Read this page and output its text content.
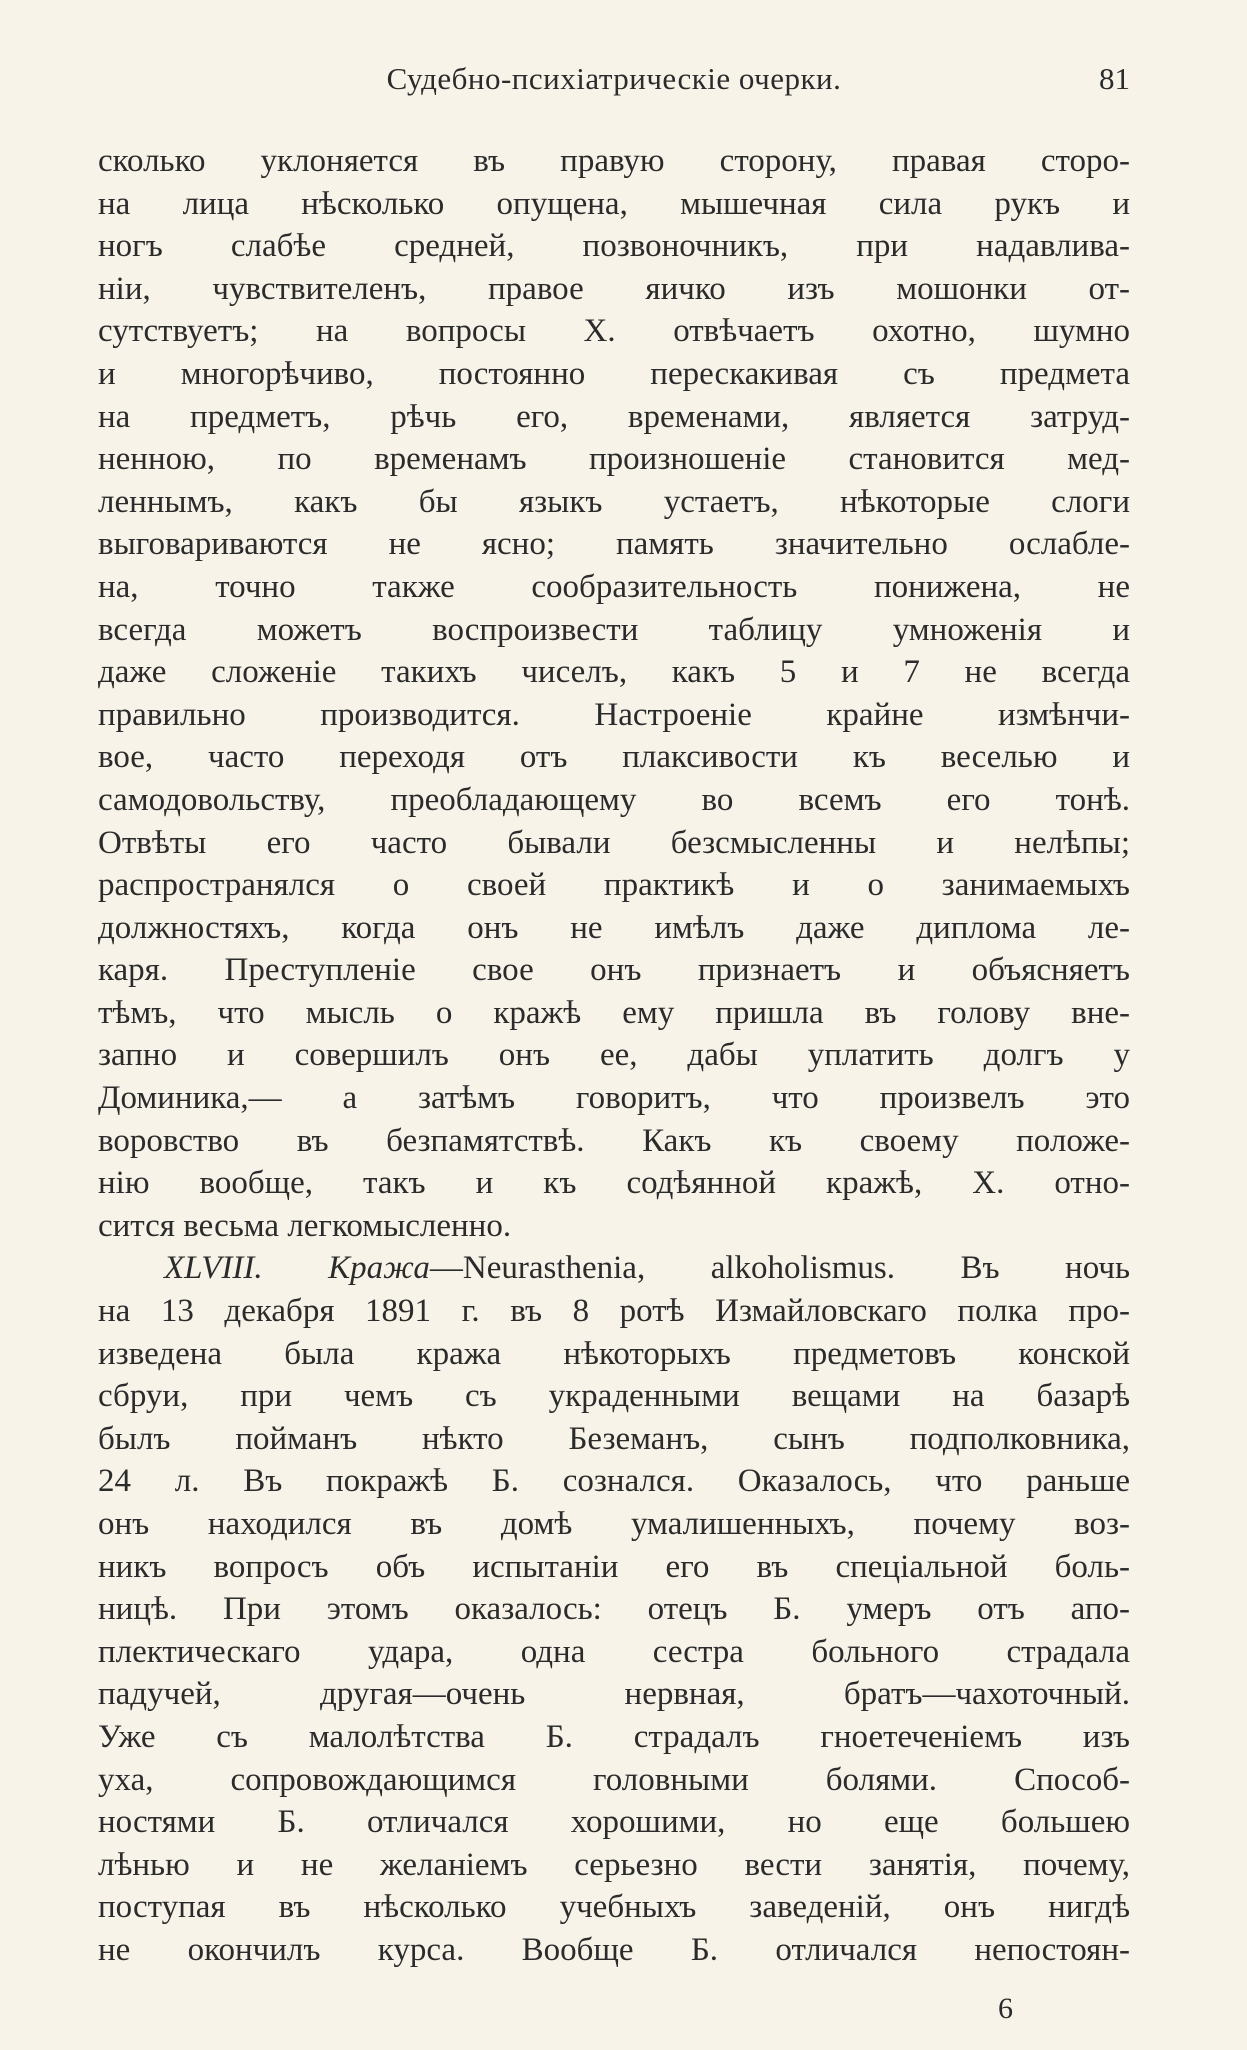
Судебно-психiатрическiе очерки.	81
сколько уклоняется въ правую сторону, правая сторо-
на лица нѣсколько опущена, мышечная сила рукъ и
ногъ слабѣе средней, позвоночникъ, при надавлива-
нiи, чувствителенъ, правое яичко изъ мошонки от-
сутствуетъ; на вопросы X. отвѣчаетъ охотно, шумно
и многорѣчиво, постоянно перескакивая съ предмета
на предметъ, рѣчь его, временами, является затруд-
ненною, по временамъ произношенiе становится мед-
леннымъ, какъ бы языкъ устаетъ, нѣкоторые слоги
выговариваются не ясно; память значительно ослабле-
на, точно также сообразительность понижена, не
всегда можетъ воспроизвести таблицу умноженiя и
даже сложенiе такихъ чиселъ, какъ 5 и 7 не всегда
правильно производится. Настроенiе крайне измѣнчи-
вое, часто переходя отъ плаксивости къ веселью и
самодовольству, преобладающему во всемъ его тонѣ.
Отвѣты его часто бывали безсмысленны и нелѣпы;
распространялся о своей практикѣ и о занимаемыхъ
должностяхъ, когда онъ не имѣлъ даже диплома ле-
каря. Преступленiе свое онъ признаетъ и объясняетъ
тѣмъ, что мысль о кражѣ ему пришла въ голову вне-
запно и совершилъ онъ ее, дабы уплатить долгъ у
Доминика,— а затѣмъ говоритъ, что произвелъ это
воровство въ безпамятствѣ. Какъ къ своему положе-
нiю вообще, такъ и къ содѣянной кражѣ, X. отно-
сится весьма легкомысленно.
XLVIII. Кража—Neurasthenia, alkoholismus. Въ ночь
на 13 декабря 1891 г. въ 8 ротѣ Измайловскаго полка про-
изведена была кража нѣкоторыхъ предметовъ конской
сбруи, при чемъ съ украденными вещами на базарѣ
былъ пойманъ нѣкто Беземанъ, сынъ подполковника,
24 л. Въ покражѣ Б. сознался. Оказалось, что раньше
онъ находился въ домѣ умалишенныхъ, почему воз-
никъ вопросъ объ испытанiи его въ спецiальной боль-
ницѣ. При этомъ оказалось: отецъ Б. умеръ отъ апо-
плектическаго удара, одна сестра больного страдала
падучей, другая—очень нервная, братъ—чахоточный.
Уже съ малолѣтства Б. страдалъ гноетеченiемъ изъ
уха, сопровождающимся головными болями. Способ-
ностями Б. отличался хорошими, но еще большею
лѣнью и не желанiемъ серьезно вести занятiя, почему,
поступая въ нѣсколько учебныхъ заведенiй, онъ нигдѣ
не окончилъ курса. Вообще Б. отличался непостоян-
6
